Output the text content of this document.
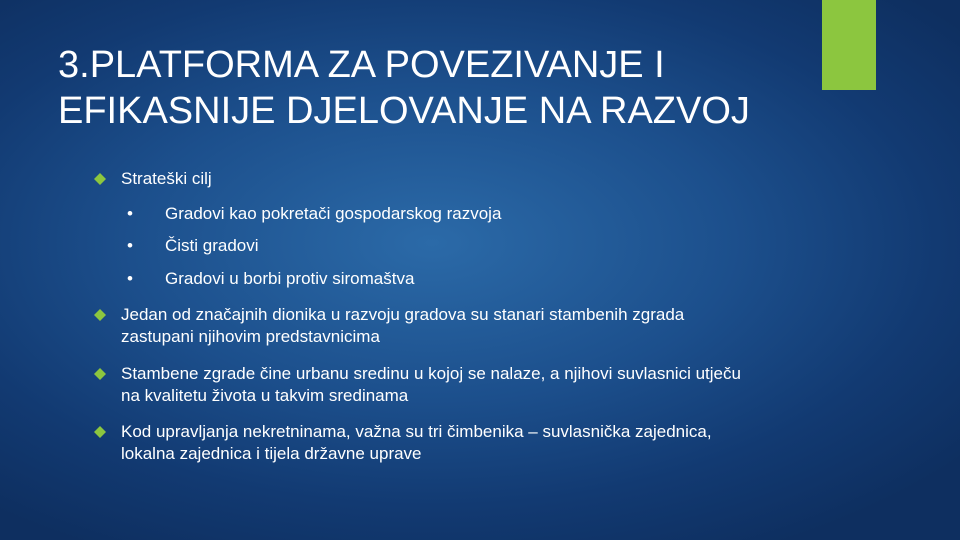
3.PLATFORMA ZA POVEZIVANJE I
EFIKASNIJE DJELOVANJE NA RAZVOJ
Strateški cilj
• Gradovi kao pokretači gospodarskog razvoja
• Čisti gradovi
• Gradovi u borbi protiv siromaštva
Jedan od značajnih dionika u razvoju gradova su stanari stambenih zgrada
zastupani njihovim predstavnicima
Stambene zgrade čine urbanu sredinu u kojoj se nalaze, a njihovi suvlasnici utječu
na kvalitetu života u takvim sredinama
Kod upravljanja nekretninama, važna su tri čimbenika – suvlasnička zajednica,
lokalna zajednica i tijela državne uprave
